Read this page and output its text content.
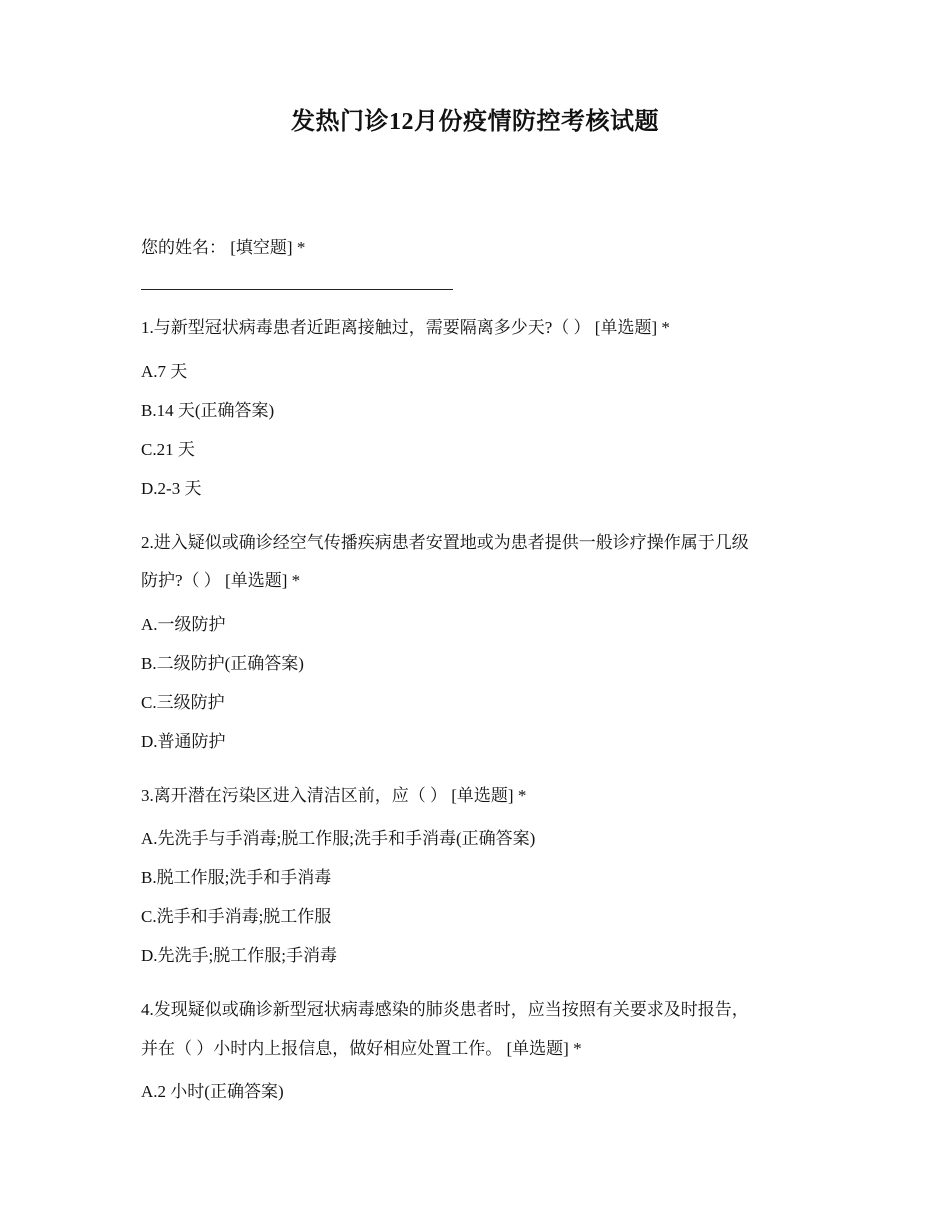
发热门诊12月份疫情防控考核试题
您的姓名： [填空题] *
1.与新型冠状病毒患者近距离接触过，需要隔离多少天?（ ） [单选题] *
A.7 天
B.14 天(正确答案)
C.21 天
D.2-3 天
2.进入疑似或确诊经空气传播疾病患者安置地或为患者提供一般诊疗操作属于几级
防护?（ ） [单选题] *
A.一级防护
B.二级防护(正确答案)
C.三级防护
D.普通防护
3.离开潜在污染区进入清洁区前，应（ ） [单选题] *
A.先洗手与手消毒;脱工作服;洗手和手消毒(正确答案)
B.脱工作服;洗手和手消毒
C.洗手和手消毒;脱工作服
D.先洗手;脱工作服;手消毒
4.发现疑似或确诊新型冠状病毒感染的肺炎患者时，应当按照有关要求及时报告，
并在（ ）小时内上报信息，做好相应处置工作。 [单选题] *
A.2 小时(正确答案)
